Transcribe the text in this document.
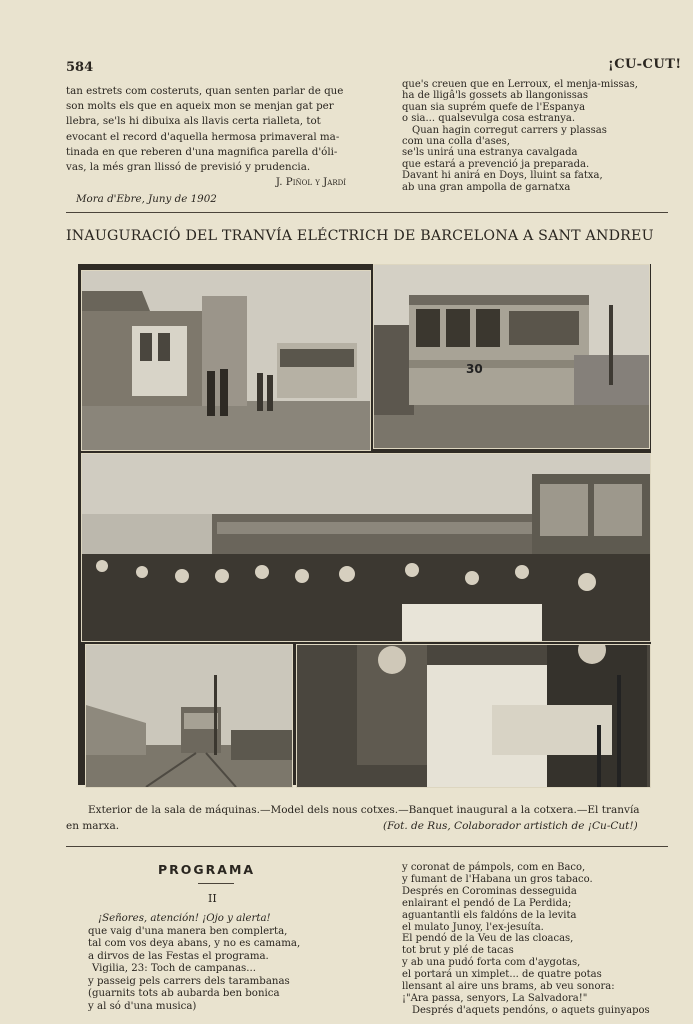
584	¡CU-CUT!

tan estrets com costeruts, quan senten parlar de que

son molts els que en aqueix mon se menjan gat per

llebra, se'ls hi dibuixa als llavis certa rialleta, tot

evocant el record d'aquella hermosa primaveral ma-

tinada en que reberen d'una magnifica parella d'óli-

vas, la més gran llissó de previsió y prudencia.

J. Piñol y Jardí

Mora d'Ebre, Juny de 1902

que's creuen que en Lerroux, el menja-missas,

ha de lligâ'ls gossets ab llangonissas

quan sia suprém quefe de l'Espanya

o sia... qualsevulga cosa estranya.

Quan hagin corregut carrers y plassas

com una colla d'ases,

se'ls unirá una estranya cavalgada

que estará a prevenció ja preparada.

Davant hi anirá en Doys, lluint sa fatxa,

ab una gran ampolla de garnatxa

INAUGURACIÓ DEL TRANVÍA ELÉCTRICH DE BARCELONA A SANT ANDREU
30
Exterior de la sala de máquinas.—Model dels nous cotxes.—Banquet inaugural a la cotxera.—El tranvía
en marxa.	(Fot. de Rus, Colaborador artistich de ¡Cu-Cut!)
PROGRAMA
II

¡Señores, atención! ¡Ojo y alerta!

que vaig d'una manera ben complerta,

tal com vos deya abans, y no es camama,

a dirvos de las Festas el programa.

Vigilia, 23: Toch de campanas...

y passeig pels carrers dels tarambanas

(guarnits tots ab aubarda ben bonica

y al só d'una musica)

y coronat de pámpols, com en Baco,

y fumant de l'Habana un gros tabaco.

Després en Corominas desseguida

enlairant el pendó de La Perdida;

aguantantli els faldóns de la levita

el mulato Junoy, l'ex-jesuíta.

El pendó de la Veu de las cloacas,

tot brut y plé de tacas

y ab una pudó forta com d'aygotas,

el portará un ximplet... de quatre potas

llensant al aire uns brams, ab veu sonora:

¡"Ara passa, senyors, La Salvadora!"

Després d'aquets pendóns, o aquets guinyapos
